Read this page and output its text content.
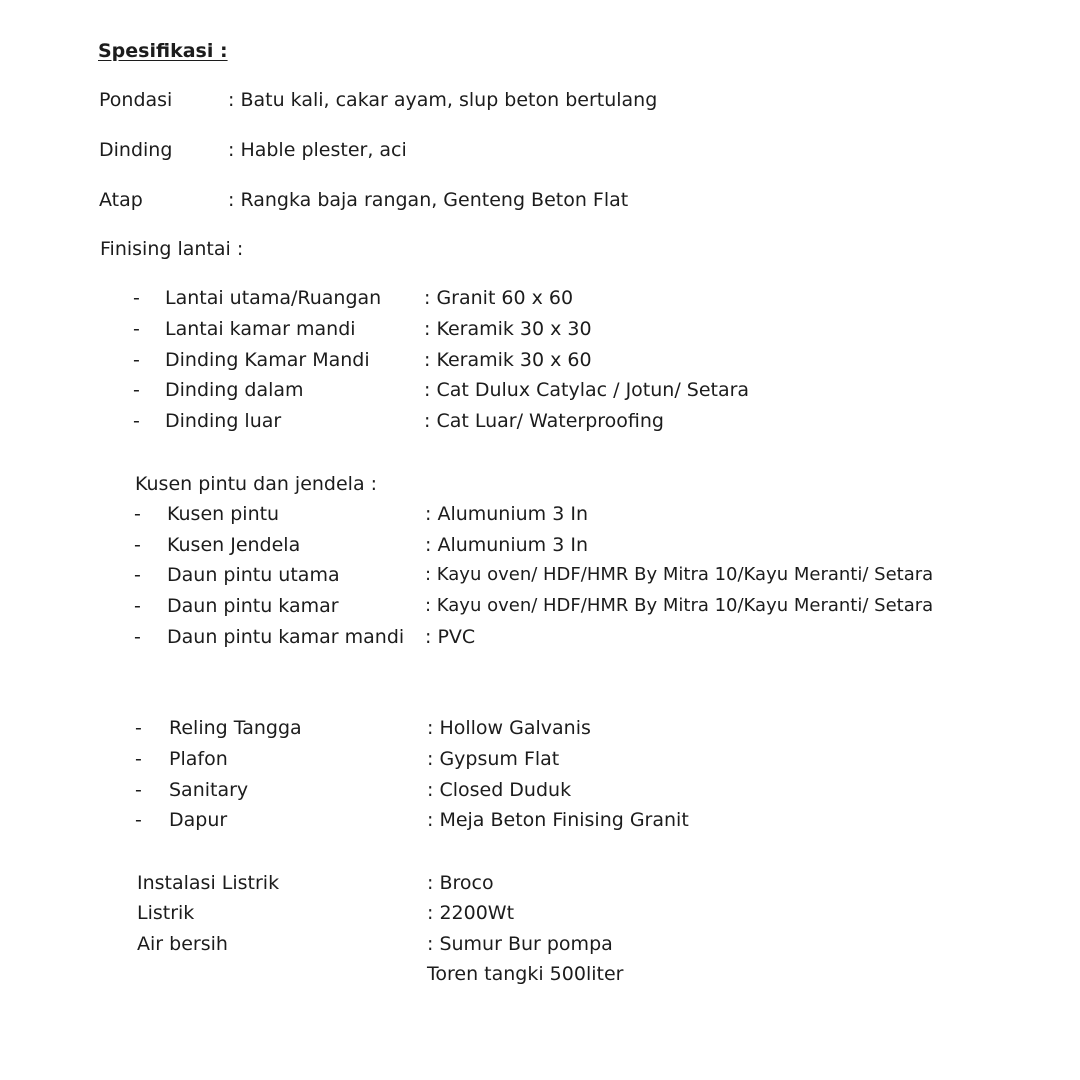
Spesifikasi :
Pondasi	: Batu kali, cakar ayam, slup beton bertulang
Dinding	: Hable plester, aci
Atap	: Rangka baja rangan, Genteng Beton Flat
Finising lantai :
- Lantai utama/Ruangan : Granit 60 x 60
- Lantai kamar mandi	: Keramik 30 x 30
- Dinding Kamar Mandi	: Keramik 30 x 60
- Dinding dalam	: Cat Dulux Catylac / Jotun/ Setara
- Dinding luar	: Cat Luar/ Waterproofing
Kusen pintu dan jendela :
- Kusen pintu	: Alumunium 3 In
- Kusen Jendela	: Alumunium 3 In
- Daun pintu utama	: Kayu oven/ HDF/HMR By Mitra 10/Kayu Meranti/ Setara
- Daun pintu kamar	: Kayu oven/ HDF/HMR By Mitra 10/Kayu Meranti/ Setara
- Daun pintu kamar mandi : PVC
- Reling Tangga	: Hollow Galvanis
- Plafon	: Gypsum Flat
- Sanitary	: Closed Duduk
- Dapur	: Meja Beton Finising Granit
Instalasi Listrik	: Broco
Listrik	: 2200Wt
Air bersih	: Sumur Bur pompa
Toren tangki 500liter
